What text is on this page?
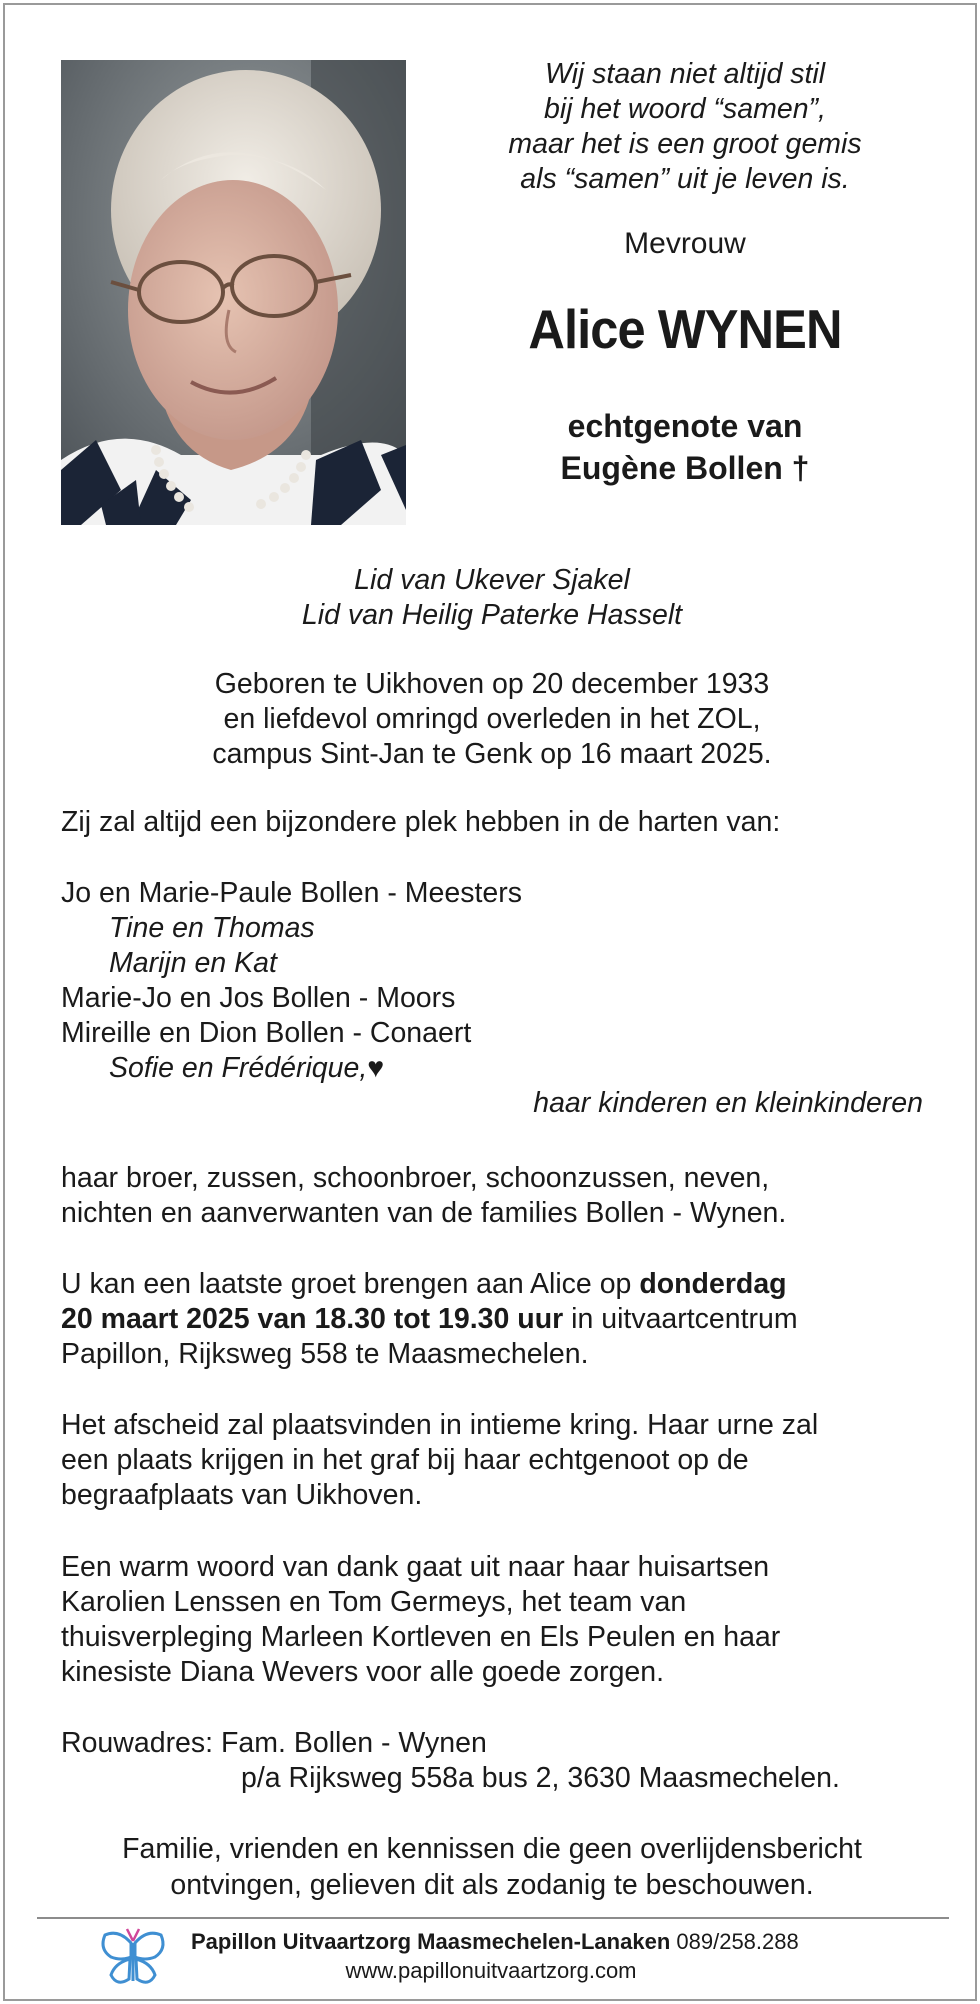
Wij staan niet altijd stil
bij het woord “samen”,
maar het is een groot gemis
als “samen” uit je leven is.
Mevrouw
Alice WYNEN
echtgenote van
Eugène Bollen †
Lid van Ukever Sjakel
Lid van Heilig Paterke Hasselt
Geboren te Uikhoven op 20 december 1933
en liefdevol omringd overleden in het ZOL,
campus Sint-Jan te Genk op 16 maart 2025.
Zij zal altijd een bijzondere plek hebben in de harten van:
Jo en Marie-Paule Bollen - Meesters
Tine en Thomas
Marijn en Kat
Marie-Jo en Jos Bollen - Moors
Mireille en Dion Bollen - Conaert
Sofie en Frédérique,♥
haar kinderen en kleinkinderen
haar broer, zussen, schoonbroer, schoonzussen, neven,
nichten en aanverwanten van de families Bollen - Wynen.
U kan een laatste groet brengen aan Alice op donderdag
20 maart 2025 van 18.30 tot 19.30 uur in uitvaartcentrum
Papillon, Rijksweg 558 te Maasmechelen.
Het afscheid zal plaatsvinden in intieme kring. Haar urne zal
een plaats krijgen in het graf bij haar echtgenoot op de
begraafplaats van Uikhoven.
Een warm woord van dank gaat uit naar haar huisartsen
Karolien Lenssen en Tom Germeys, het team van
thuisverpleging Marleen Kortleven en Els Peulen en haar
kinesiste Diana Wevers voor alle goede zorgen.
Rouwadres: Fam. Bollen - Wynen
p/a Rijksweg 558a bus 2, 3630 Maasmechelen.
Familie, vrienden en kennissen die geen overlijdensbericht
ontvingen, gelieven dit als zodanig te beschouwen.
Papillon Uitvaartzorg Maasmechelen-Lanaken 089/258.288
www.papillonuitvaartzorg.com
